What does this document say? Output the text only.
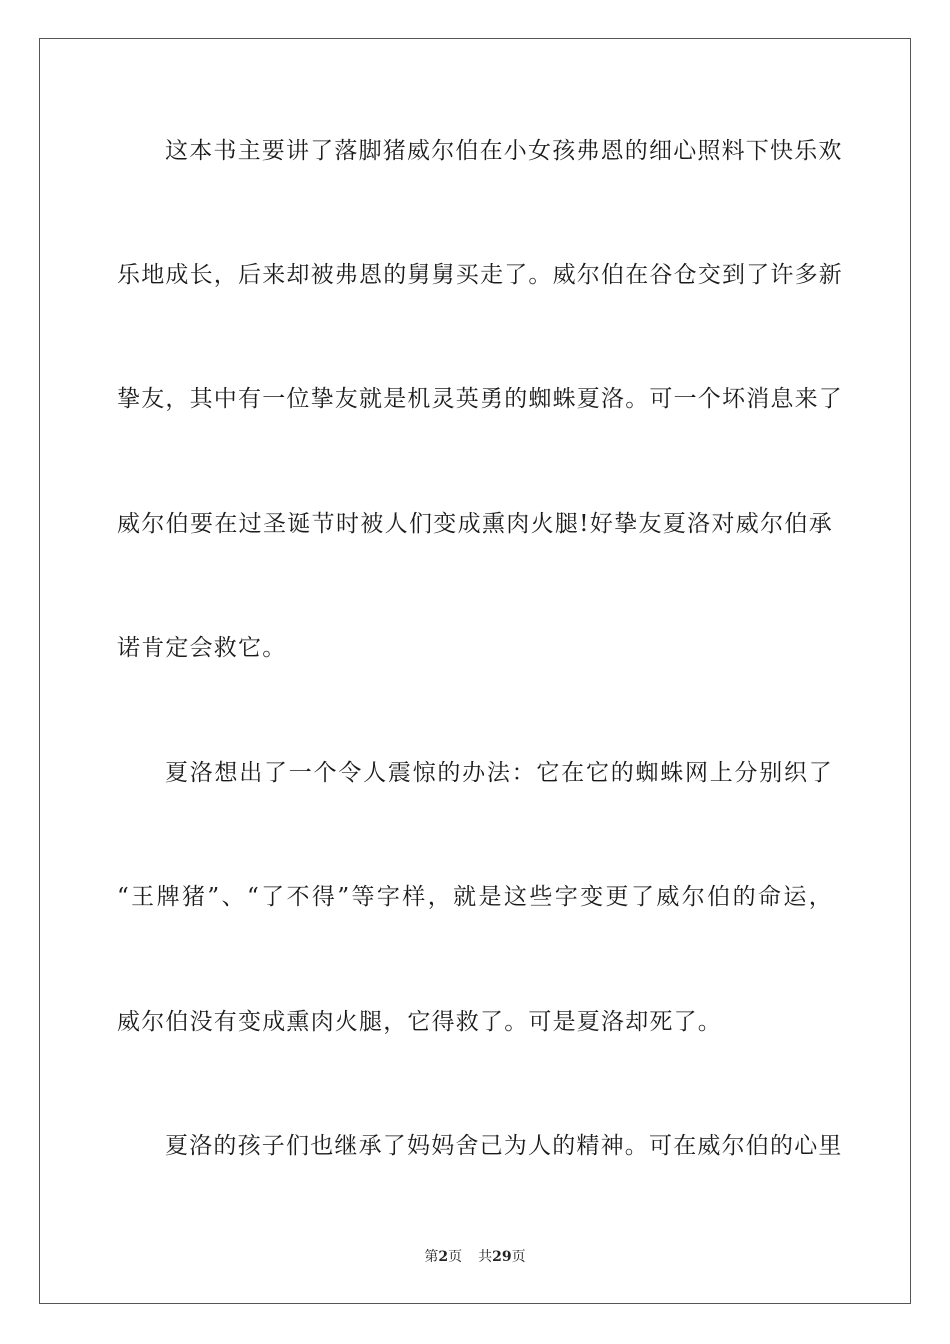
这本书主要讲了落脚猪威尔伯在小女孩弗恩的细心照料下快乐欢
乐地成长，后来却被弗恩的舅舅买走了。威尔伯在谷仓交到了许多新
挚友，其中有一位挚友就是机灵英勇的蜘蛛夏洛。可一个坏消息来了
威尔伯要在过圣诞节时被人们变成熏肉火腿!好挚友夏洛对威尔伯承
诺肯定会救它。
夏洛想出了一个令人震惊的办法：它在它的蜘蛛网上分别织了
“王牌猪”、“了不得”等字样，就是这些字变更了威尔伯的命运，
威尔伯没有变成熏肉火腿，它得救了。可是夏洛却死了。
夏洛的孩子们也继承了妈妈舍己为人的精神。可在威尔伯的心里
第2页 共29页
